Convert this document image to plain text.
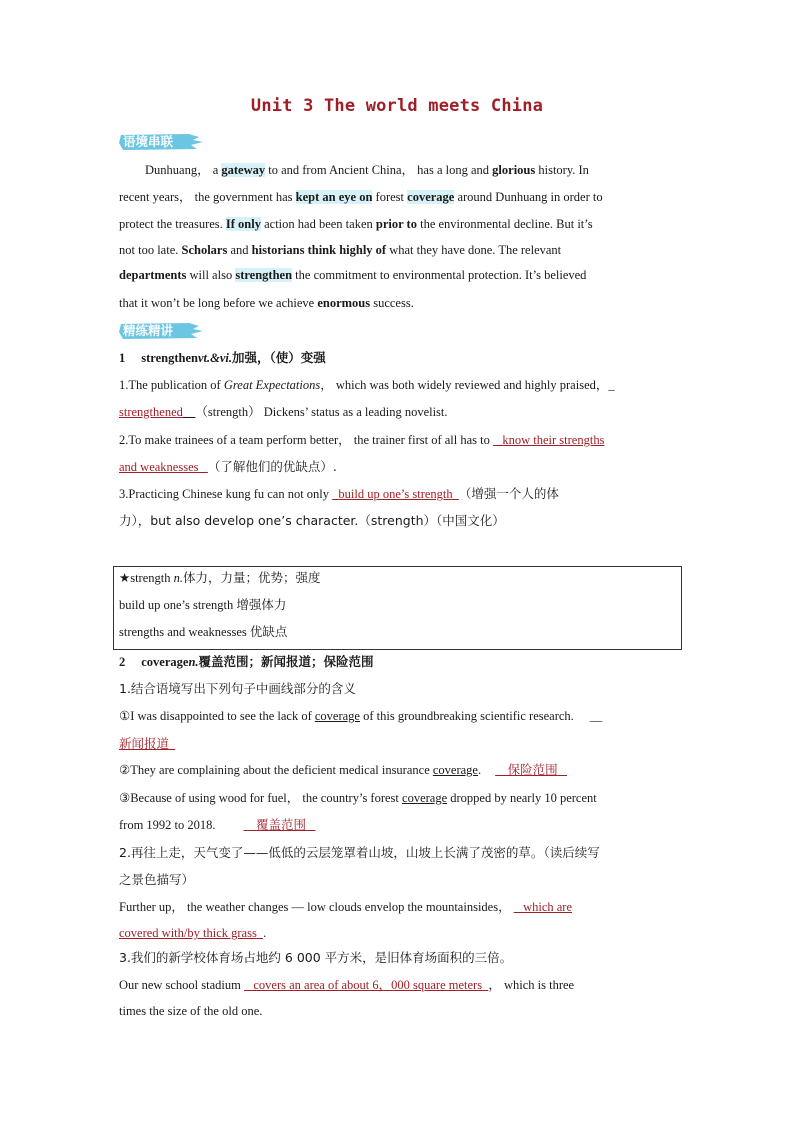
Unit 3 The world meets China
语境串联
Dunhuang， a gateway to and from Ancient China， has a long and glorious history. In
recent years， the government has kept an eye on forest coverage around Dunhuang in order to
protect the treasures. If only action had been taken prior to the environmental decline. But it’s
not too late. Scholars and historians think highly of what they have done. The relevant
departments will also strengthen the commitment to environmental protection. It’s believed
that it won’t be long before we achieve enormous success.
精练精讲
1 strengthenvt.&vi.加强，（使）变强
1.The publication of Great Expectations， which was both widely reviewed and highly praised，_
strengthened__（strength） Dickens’ status as a leading novelist.
2.To make trainees of a team perform better， the trainer first of all has to    know their strengths
and weaknesses （了解他们的优缺点）.
3.Practicing Chinese kung fu can not only   build up one’s strength （增强一个人的体
力），but also develop one’s character.（strength）（中国文化）
★strength n.体力，力量；优势；强度
build up one’s strength 增强体力
strengths and weaknesses 优缺点
2 coveragen.覆盖范围；新闻报道；保险范围
1.结合语境写出下列句子中画线部分的含义
①I was disappointed to see the lack of coverage of this groundbreaking scientific research. __
新闻报道
②They are complaining about the deficient medical insurance coverage. 保险范围
③Because of using wood for fuel， the country’s forest coverage dropped by nearly 10 percent
from 1992 to 2018.	覆盖范围
2.再往上走，天气变了——低低的云层笼罩着山坡，山坡上长满了茂密的草。（读后续写
之景色描写）
Further up， the weather changes — low clouds envelop the mountainsides，    which are
covered with/by thick grass .
3.我们的新学校体育场占地约 6 000 平方米，是旧体育场面积的三倍。
Our new school stadium    covers an area of about 6，000 square meters ， which is three
times the size of the old one.
